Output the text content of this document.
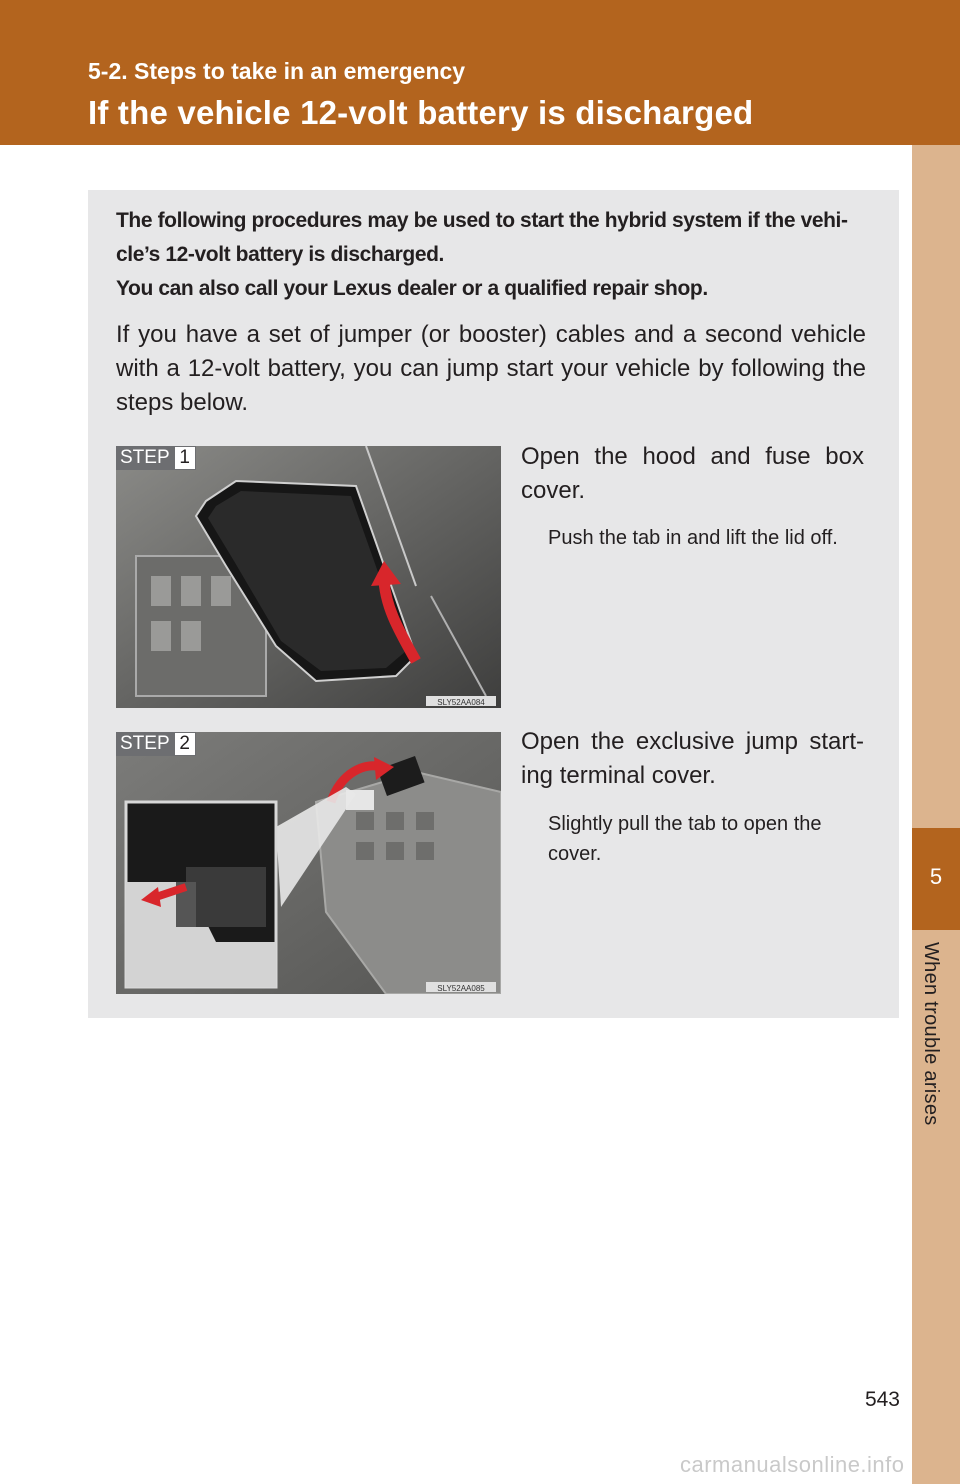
5-2. Steps to take in an emergency
If the vehicle 12-volt battery is discharged
5
When trouble arises

The following procedures may be used to start the hybrid system if the vehi-cle’s 12-volt battery is discharged.

You can also call your Lexus dealer or a qualified repair shop.

If you have a set of jumper (or booster) cables and a second vehicle with a 12-volt battery, you can jump start your vehicle by following the steps below.
SLY52AA084
STEP 1	Open the hood and fuse box cover.
Push the tab in and lift the lid off.
SLY52AA085
STEP 2	Open the exclusive jump start-ing terminal cover.
Slightly pull the tab to open the cover.
543
carmanualsonline.info
